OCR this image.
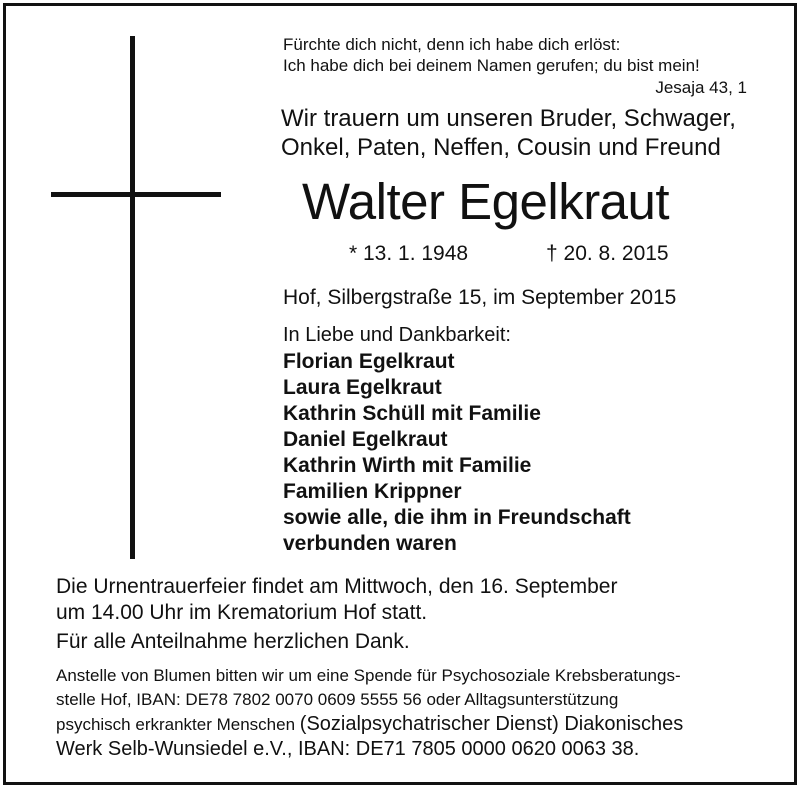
Fürchte dich nicht, denn ich habe dich erlöst:
Ich habe dich bei deinem Namen gerufen; du bist mein!
Jesaja 43, 1
Wir trauern um unseren Bruder, Schwager,
Onkel, Paten, Neffen, Cousin und Freund
Walter Egelkraut
* 13. 1. 1948	† 20. 8. 2015
Hof, Silbergstraße 15, im September 2015
In Liebe und Dankbarkeit:
Florian Egelkraut
Laura Egelkraut
Kathrin Schüll mit Familie
Daniel Egelkraut
Kathrin Wirth mit Familie
Familien Krippner
sowie alle, die ihm in Freundschaft
verbunden waren
Die Urnentrauerfeier findet am Mittwoch, den 16. September
um 14.00 Uhr im Krematorium Hof statt.
Für alle Anteilnahme herzlichen Dank.
Anstelle von Blumen bitten wir um eine Spende für Psychosoziale Krebsberatungs-
stelle Hof, IBAN: DE78 7802 0070 0609 5555 56 oder Alltagsunterstützung
psychisch erkrankter Menschen (Sozialpsychatrischer Dienst) Diakonisches
Werk Selb-Wunsiedel e.V., IBAN: DE71 7805 0000 0620 0063 38.
